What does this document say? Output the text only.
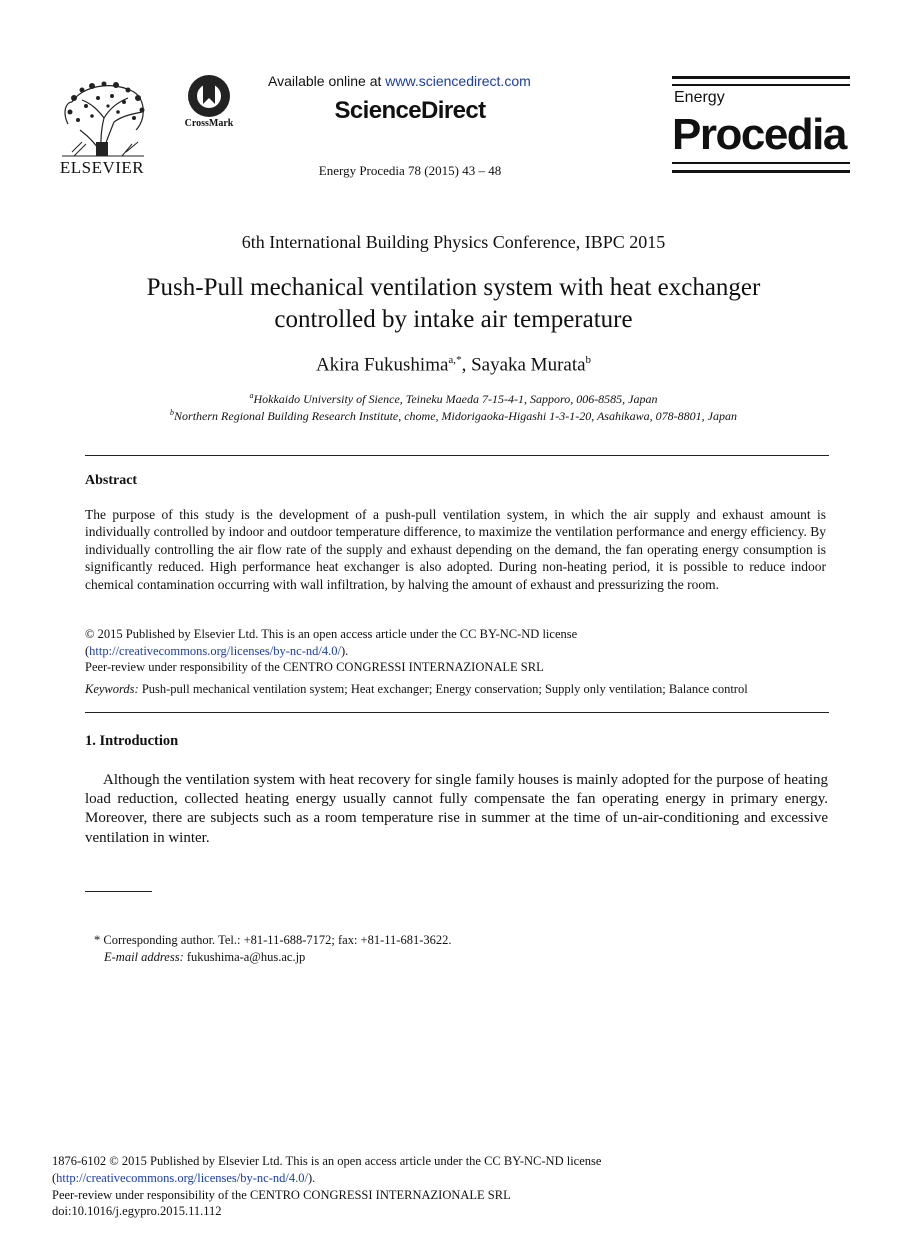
ELSEVIER
CrossMark
Available online at www.sciencedirect.com
ScienceDirect
Energy Procedia 78 (2015) 43 – 48
Energy
Procedia
6th International Building Physics Conference, IBPC 2015
Push-Pull mechanical ventilation system with heat exchanger
controlled by intake air temperature
Akira Fukushima$^{a,*}$, Sayaka Murata$^b$
$^a$Hokkaido University of Sience, Teineku Maeda 7-15-4-1, Sapporo, 006-8585, Japan
$^b$Northern Regional Building Research Institute, chome, Midorigaoka-Higashi 1-3-1-20, Asahikawa, 078-8801, Japan
Abstract
The purpose of this study is the development of a push-pull ventilation system, in which the air supply and exhaust amount is individually controlled by indoor and outdoor temperature difference, to maximize the ventilation performance and energy efficiency. By individually controlling the air flow rate of the supply and exhaust depending on the demand, the fan operating energy consumption is significantly reduced. High performance heat exchanger is also adopted. During non-heating period, it is possible to reduce indoor chemical contamination occurring with wall infiltration, by halving the amount of exhaust and pressurizing the room.
© 2015 Published by Elsevier Ltd. This is an open access article under the CC BY-NC-ND license
(http://creativecommons.org/licenses/by-nc-nd/4.0/).
Peer-review under responsibility of the CENTRO CONGRESSI INTERNAZIONALE SRL
Keywords: Push-pull mechanical ventilation system; Heat exchanger; Energy conservation; Supply only ventilation; Balance control
1. Introduction
Although the ventilation system with heat recovery for single family houses is mainly adopted for the purpose of heating load reduction, collected heating energy usually cannot fully compensate the fan operating energy in primary energy. Moreover, there are subjects such as a room temperature rise in summer at the time of un-air-conditioning and excessive ventilation in winter.
* Corresponding author. Tel.: +81-11-688-7172; fax: +81-11-681-3622.
E-mail address: fukushima-a@hus.ac.jp
1876-6102 © 2015 Published by Elsevier Ltd. This is an open access article under the CC BY-NC-ND license
(http://creativecommons.org/licenses/by-nc-nd/4.0/).
Peer-review under responsibility of the CENTRO CONGRESSI INTERNAZIONALE SRL
doi:10.1016/j.egypro.2015.11.112
